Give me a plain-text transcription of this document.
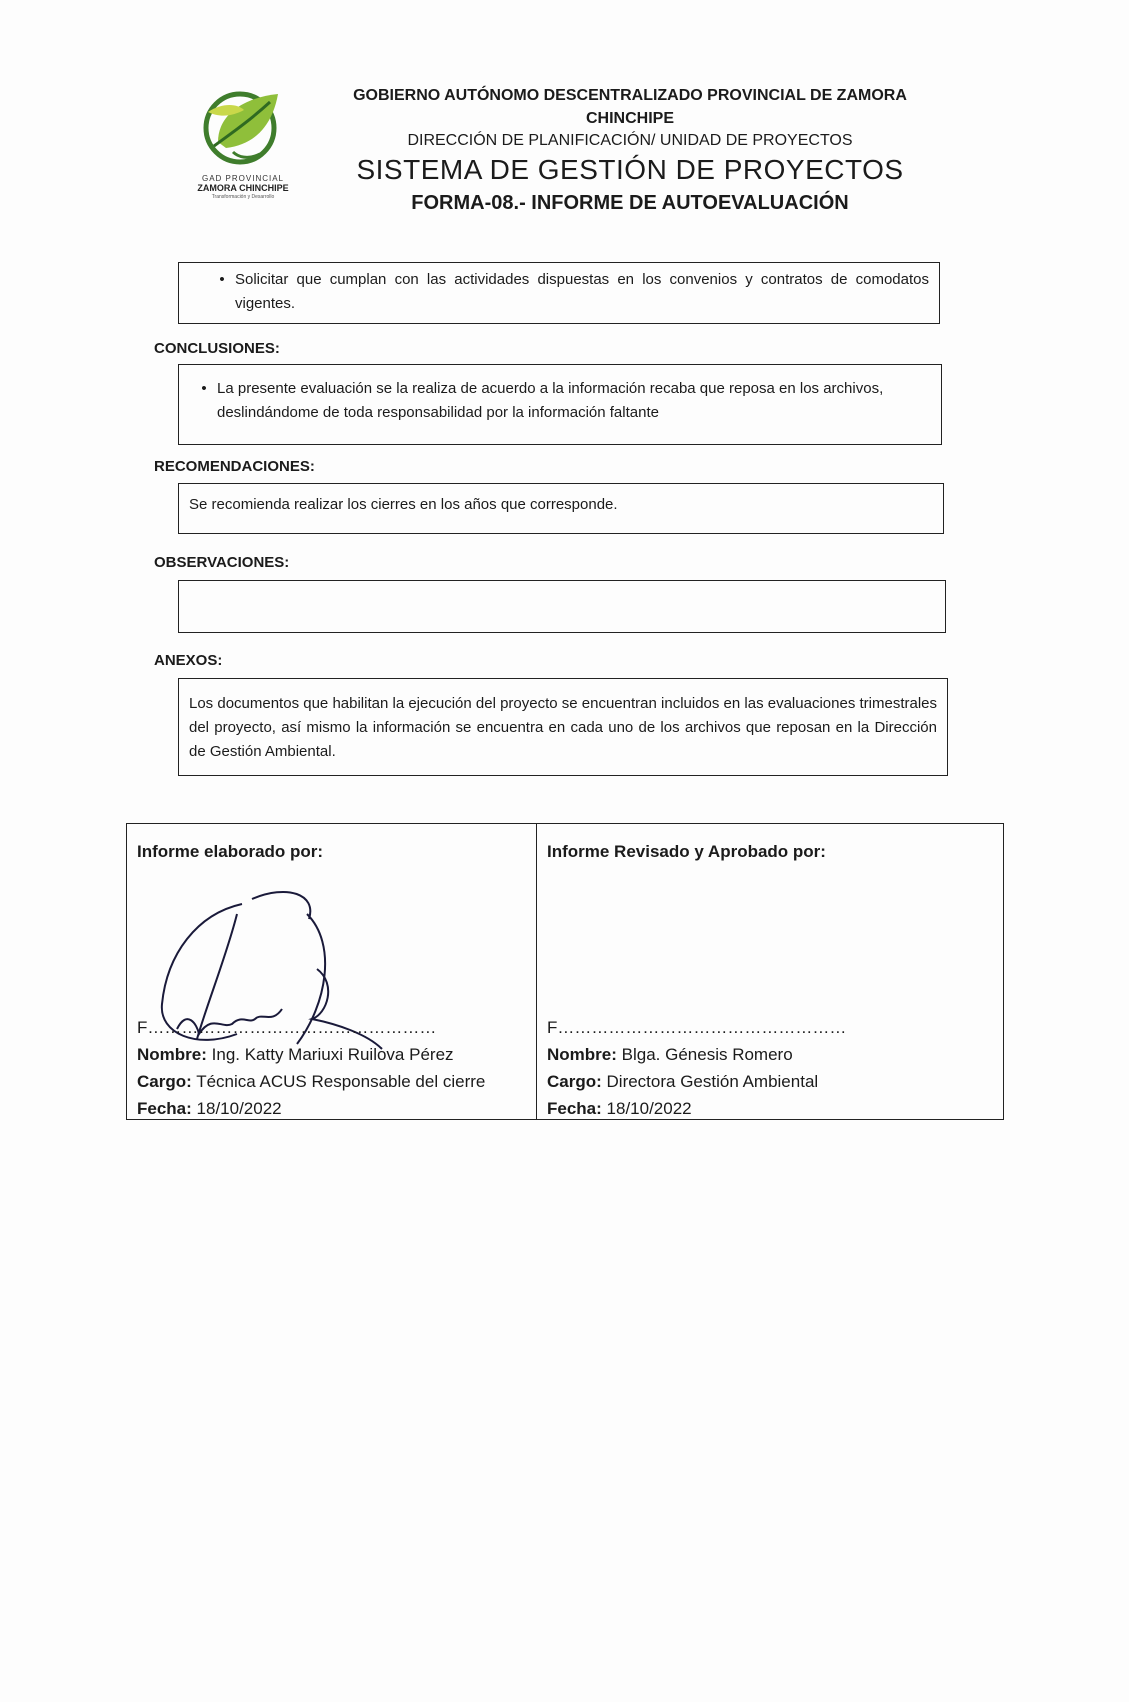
GAD PROVINCIAL
ZAMORA CHINCHIPE
Transformación y Desarrollo
GOBIERNO AUTÓNOMO DESCENTRALIZADO PROVINCIAL DE ZAMORA
CHINCHIPE
DIRECCIÓN DE PLANIFICACIÓN/ UNIDAD DE PROYECTOS
SISTEMA DE GESTIÓN DE PROYECTOS
FORMA-08.- INFORME DE AUTOEVALUACIÓN
• Solicitar que cumplan con las actividades dispuestas en los convenios y contratos de comodatos vigentes.
CONCLUSIONES:
• La presente evaluación se la realiza de acuerdo a la información recaba que reposa en los archivos, deslindándome de toda responsabilidad por la información faltante
RECOMENDACIONES:
Se recomienda realizar los cierres en los años que corresponde.
OBSERVACIONES:
ANEXOS:
Los documentos que habilitan la ejecución del proyecto se encuentran incluidos en las evaluaciones trimestrales del proyecto, así mismo la información se encuentra en cada uno de los archivos que reposan en la Dirección de Gestión Ambiental.
Informe elaborado por:
F……………………………………………
Nombre: Ing. Katty Mariuxi Ruilova Pérez
Cargo: Técnica ACUS Responsable del cierre
Fecha: 18/10/2022
Informe Revisado y Aprobado por:
F……………………………………………
Nombre: Blga. Génesis Romero
Cargo: Directora Gestión Ambiental
Fecha: 18/10/2022
